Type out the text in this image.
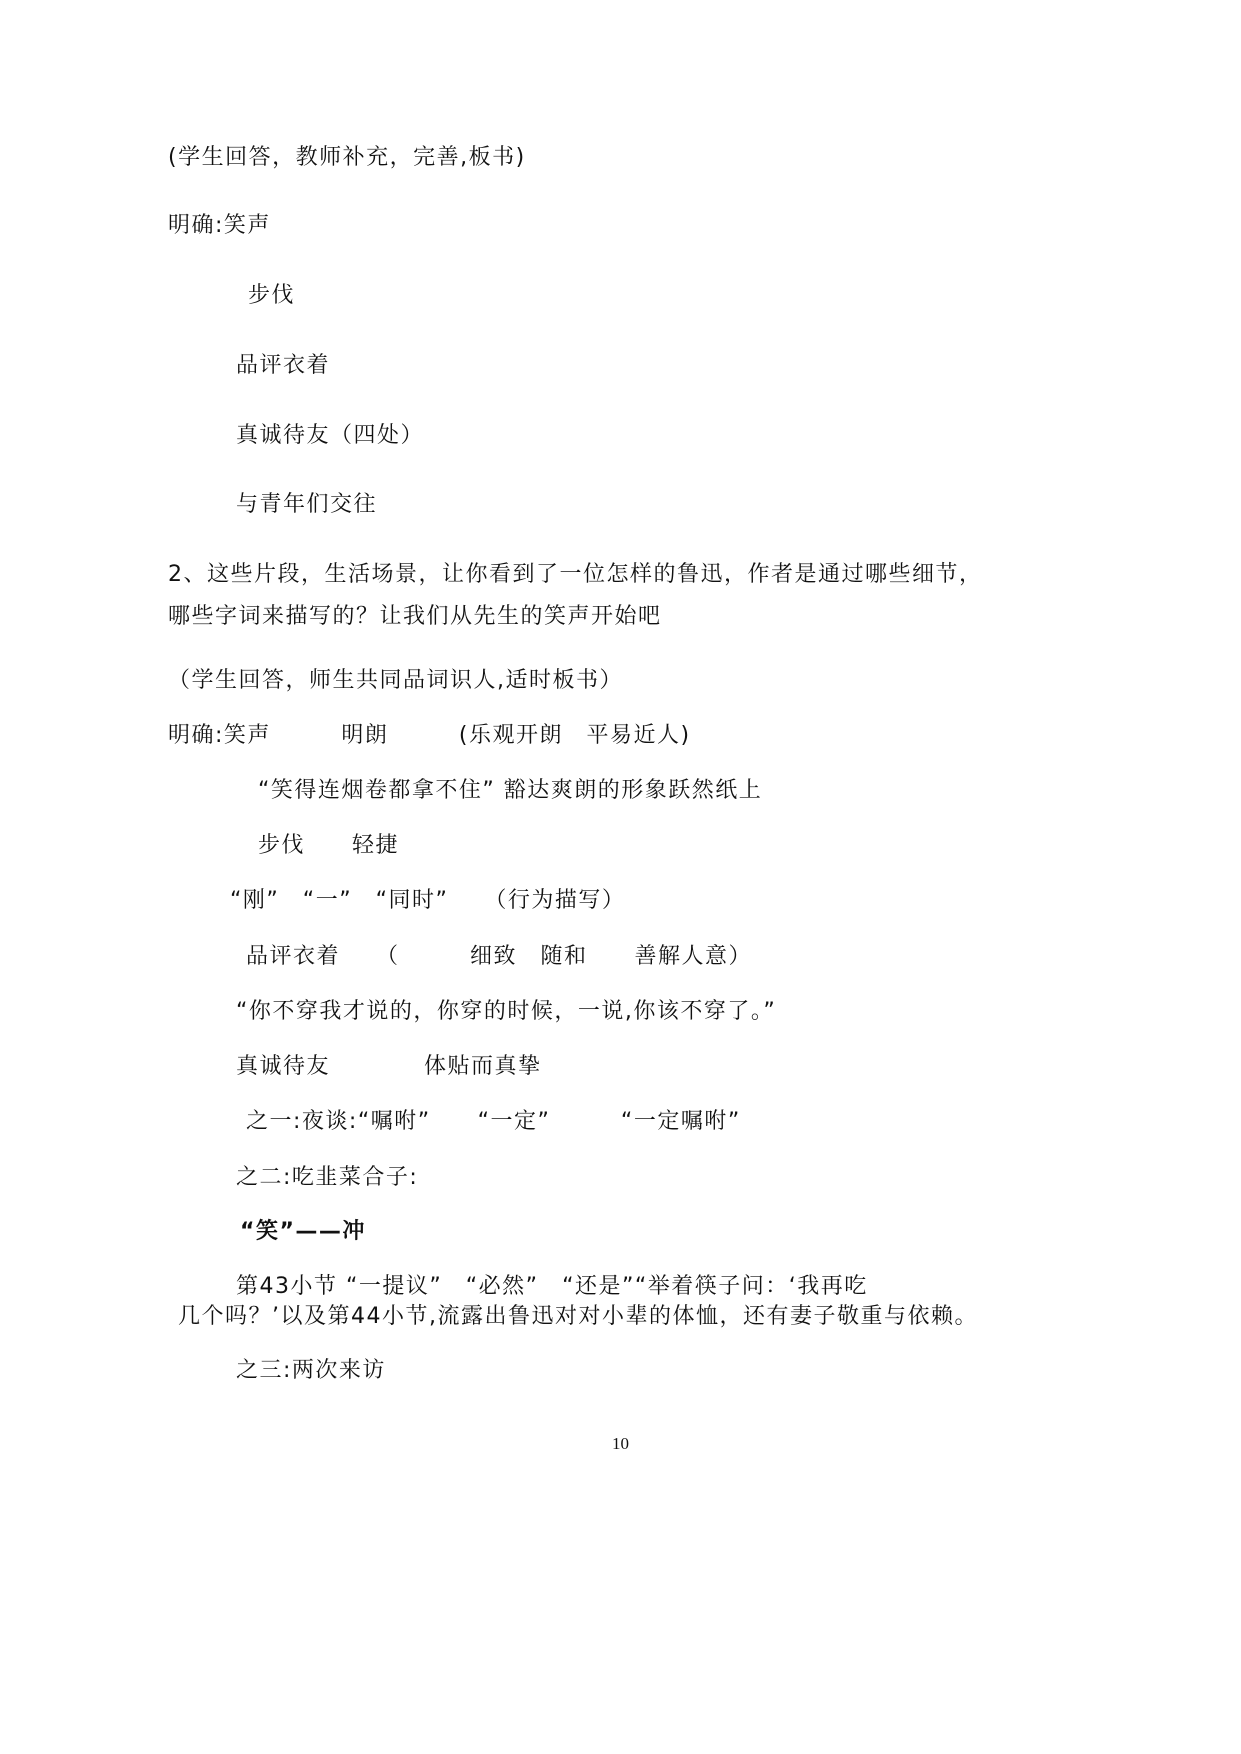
(学生回答，教师补充，完善,板书)
明确:笑声
步伐
品评衣着
真诚待友（四处）
与青年们交往
2、这些片段，生活场景，让你看到了一位怎样的鲁迅，作者是通过哪些细节，
哪些字词来描写的？让我们从先生的笑声开始吧
（学生回答，师生共同品词识人,适时板书）
明确:笑声　　　明朗　　　(乐观开朗　平易近人)
“笑得连烟卷都拿不住” 豁达爽朗的形象跃然纸上
步伐　　轻捷
“刚”　“一”　“同时”　　（行为描写）
品评衣着　　（　　　细致　随和　　善解人意）
“你不穿我才说的，你穿的时候，一说,你该不穿了。”
真诚待友　　　　体贴而真挚
之一:夜谈:“嘱咐”　　“一定”　　　“一定嘱咐”
之二:吃韭菜合子:
“笑”——冲
第43小节 “一提议”　“必然”　“还是”“举着筷子问：‘我再吃
几个吗？’以及第44小节,流露出鲁迅对对小辈的体恤，还有妻子敬重与依赖。
之三:两次来访
10
